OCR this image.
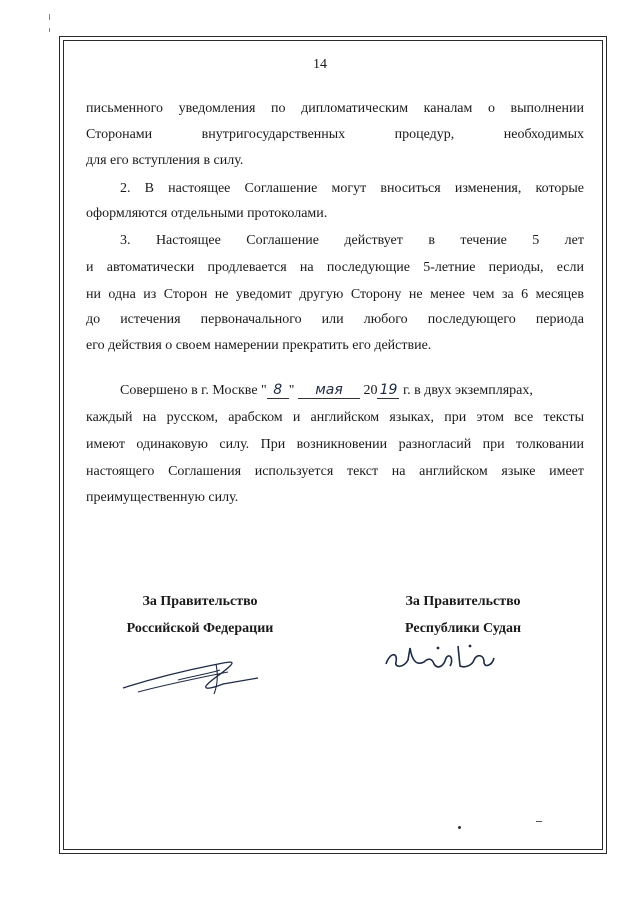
14
письменного уведомления по дипломатическим каналам о выполнении
Сторонами внутригосударственных процедур, необходимых
для его вступления в силу.
2. В настоящее Соглашение могут вноситься изменения, которые
оформляются отдельными протоколами.
3. Настоящее Соглашение действует в течение 5 лет
и автоматически продлевается на последующие 5-летние периоды, если
ни одна из Сторон не уведомит другую Сторону не менее чем за 6 месяцев
до истечения первоначального или любого последующего периода
его действия о своем намерении прекратить его действие.
Совершено в г. Москве " 8 " мая 20 19 г. в двух экземплярах,
каждый на русском, арабском и английском языках, при этом все тексты
имеют одинаковую силу. При возникновении разногласий при толковании
настоящего Соглашения используется текст на английском языке имеет
преимущественную силу.
За Правительство
Российской Федерации
За Правительство
Республики Судан
